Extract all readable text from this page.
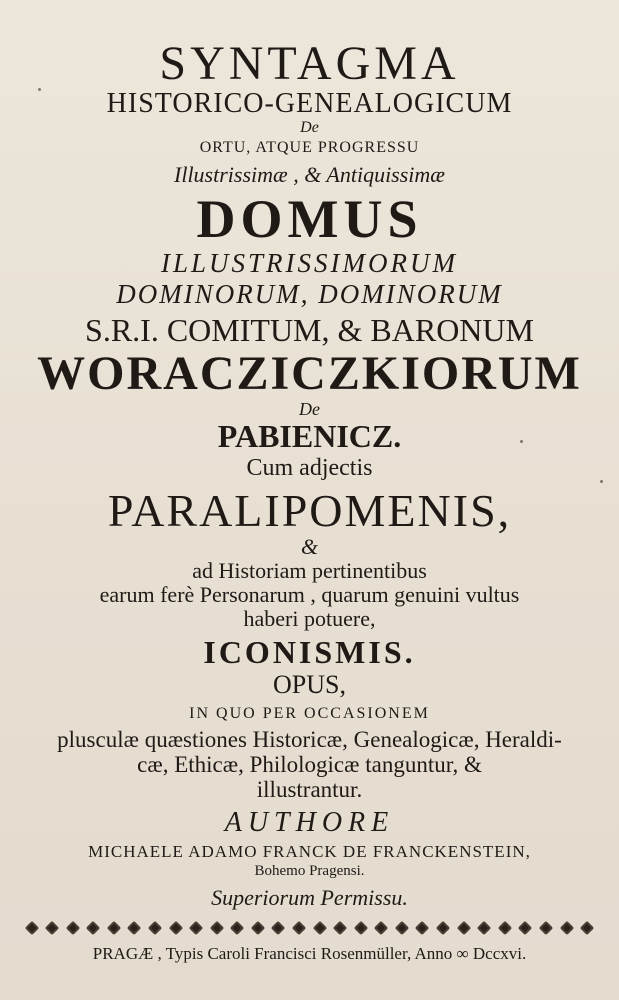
SYNTAGMA
HISTORICO-GENEALOGICUM
De
ORTU, ATQUE PROGRESSU
Illustrissimæ , & Antiquissimæ
DOMUS
ILLUSTRISSIMORUM
DOMINORUM, DOMINORUM
S.R.I. COMITUM, & BARONUM
WORACZICZKIORUM
De
PABIENICZ.
Cum adjectis
PARALIPOMENIS,
&
ad Historiam pertinentibus
earum ferè Personarum , quarum genuini vultus
haberi potuere,
ICONISMIS.
OPUS,
IN QUO PER OCCASIONEM
plusculæ quæstiones Historicæ, Genealogicæ, Heraldi-
cæ, Ethicæ, Philologicæ tanguntur, &
illustrantur.
AUTHORE
MICHAELE ADAMO FRANCK DE FRANCKENSTEIN,
Bohemo Pragensi.
Superiorum Permissu.
PRAGÆ , Typis Caroli Francisci Rosenmüller, Anno ∞ Dccxvi.
